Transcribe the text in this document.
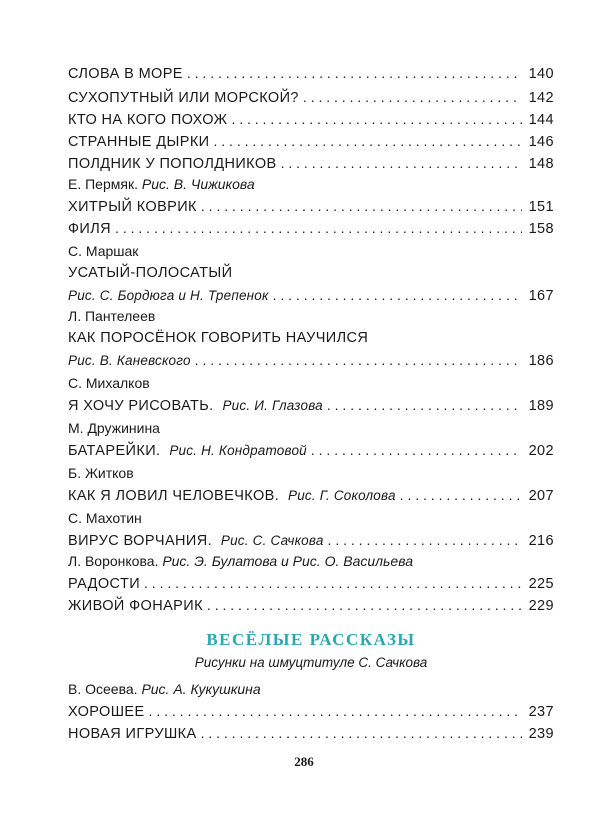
СЛОВА В МОРЕ . . .	140
СУХОПУТНЫЙ ИЛИ МОРСКОЙ? . . .	142
КТО НА КОГО ПОХОЖ . . .	144
СТРАННЫЕ ДЫРКИ . . .	146
ПОЛДНИК У ПОПОЛДНИКОВ . . .	148
Е. Пермяк. Рис. В. Чижикова
ХИТРЫЙ КОВРИК . . .	151
ФИЛЯ . . .	158
С. Маршак
УСАТЫЙ-ПОЛОСАТЫЙ
Рис. С. Бордюга и Н. Трепенок . . .	167
Л. Пантелеев
КАК ПОРОСЁНОК ГОВОРИТЬ НАУЧИЛСЯ
Рис. В. Каневского . . .	186
С. Михалков
Я ХОЧУ РИСОВАТЬ. Рис. И. Глазова . . .	189
М. Дружинина
БАТАРЕЙКИ. Рис. Н. Кондратовой . . .	202
Б. Житков
КАК Я ЛОВИЛ ЧЕЛОВЕЧКОВ. Рис. Г. Соколова . . .	207
С. Махотин
ВИРУС ВОРЧАНИЯ. Рис. С. Сачкова . . .	216
Л. Воронкова. Рис. Э. Булатова и Рис. О. Васильева
РАДОСТИ . . .	225
ЖИВОЙ ФОНАРИК . . .	229
ВЕСЁЛЫЕ РАССКАЗЫ
Рисунки на шмуцтитуле С. Сачкова
В. Осеева. Рис. А. Кукушкина
ХОРОШЕЕ . . .	237
НОВАЯ ИГРУШКА . . .	239
286
